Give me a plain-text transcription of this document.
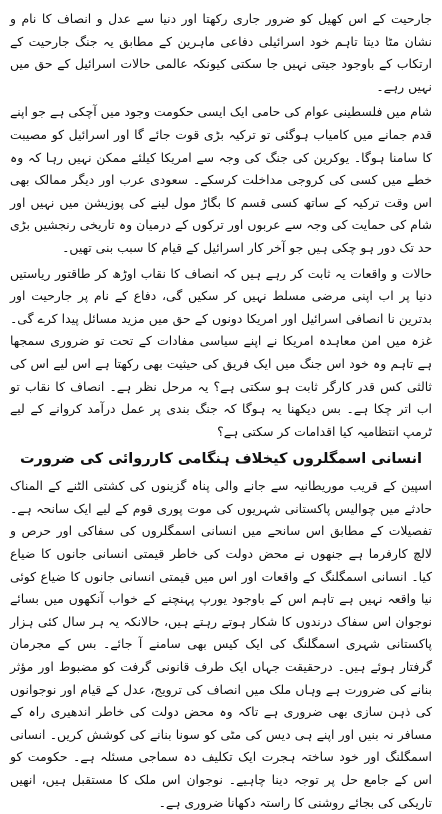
جارحیت کے اس کھیل کو ضرور جاری رکھتا اور دنیا سے عدل و انصاف کا نام و نشان مٹا دیتا تاہم خود اسرائیلی دفاعی ماہرین کے مطابق یہ جنگ جارحیت کے ارتکاب کے باوجود جیتی نہیں جا سکتی کیونکہ عالمی حالات اسرائیل کے حق میں نہیں رہے۔

شام میں فلسطینی عوام کی حامی ایک ایسی حکومت وجود میں آچکی ہے جو اپنے قدم جمانے میں کامیاب ہوگئی تو ترکیہ بڑی قوت جائے گا اور اسرائیل کو مصیبت کا سامنا ہوگا۔ یوکرین کی جنگ کی وجہ سے امریکا کیلئے ممکن نہیں رہا کہ وہ خطے میں کسی کی کروجی مداخلت کرسکے۔ سعودی عرب اور دیگر ممالک بھی اس وقت ترکیہ کے ساتھ کسی قسم کا بگاڑ مول لینے کی پوزیشن میں نہیں اور شام کی حمایت کی وجہ سے عربوں اور ترکوں کے درمیان وہ تاریخی رنجشیں بڑی حد تک دور ہو چکی ہیں جو آخر کار اسرائیل کے قیام کا سبب بنی تھیں۔

حالات و واقعات یہ ثابت کر رہے ہیں کہ انصاف کا نقاب اوڑھ کر طاقتور ریاستیں دنیا پر اب اپنی مرضی مسلط نہیں کر سکیں گی، دفاع کے نام پر جارحیت اور بدترین نا انصافی اسرائیل اور امریکا دونوں کے حق میں مزید مسائل پیدا کرے گی۔ غزہ میں امن معاہدہ امریکا نے اپنے سیاسی مفادات کے تحت تو ضروری سمجھا ہے تاہم وہ خود اس جنگ میں ایک فریق کی حیثیت بھی رکھتا ہے اس لیے اس کی ثالثی کس قدر کارگر ثابت ہو سکتی ہے؟ یہ مرحل نظر ہے۔ انصاف کا نقاب تو اب اتر چکا ہے۔ بس دیکھنا یہ ہوگا کہ جنگ بندی پر عمل درآمد کروانے کے لیے ٹرمپ انتظامیہ کیا اقدامات کر سکتی ہے؟

انسانی اسمگلروں کیخلاف ہنگامی کارروائی کی ضرورت

اسپین کے قریب موریطانیہ سے جانے والی پناہ گزینوں کی کشتی الٹنے کے المناک حادثے میں چوالیس پاکستانی شہریوں کی موت پوری قوم کے لیے ایک سانحہ ہے۔ تفصیلات کے مطابق اس سانحے میں انسانی اسمگلروں کی سفاکی اور حرص و لالچ کارفرما ہے جنھوں نے محض دولت کی خاطر قیمتی انسانی جانوں کا ضیاع کیا۔ انسانی اسمگلنگ کے واقعات اور اس میں قیمتی انسانی جانوں کا ضیاع کوئی نیا واقعہ نہیں ہے تاہم اس کے باوجود یورپ پہنچنے کے خواب آنکھوں میں بسائے نوجوان اس سفاک درندوں کا شکار ہوتے رہتے ہیں، حالانکہ یہ ہر سال کئی ہزار پاکستانی شہری اسمگلنگ کی ایک کیس بھی سامنے آ جائے۔ بس کے مجرمان گرفتار ہوئے ہیں۔ درحقیقت جہاں ایک طرف قانونی گرفت کو مضبوط اور مؤثر بنانے کی ضرورت ہے وہاں ملک میں انصاف کی ترویج، عدل کے قیام اور نوجوانوں کی ذہن سازی بھی ضروری ہے تاکہ وہ محض دولت کی خاطر اندھیری راہ کے مسافر نہ بنیں اور اپنے ہی دیس کی مٹی کو سونا بنانے کی کوشش کریں۔ انسانی اسمگلنگ اور خود ساختہ ہجرت ایک تکلیف دہ سماجی مسئلہ ہے۔ حکومت کو اس کے جامع حل پر توجہ دینا چاہیے۔ نوجوان اس ملک کا مستقبل ہیں، انھیں تاریکی کی بجائے روشنی کا راستہ دکھانا ضروری ہے۔
